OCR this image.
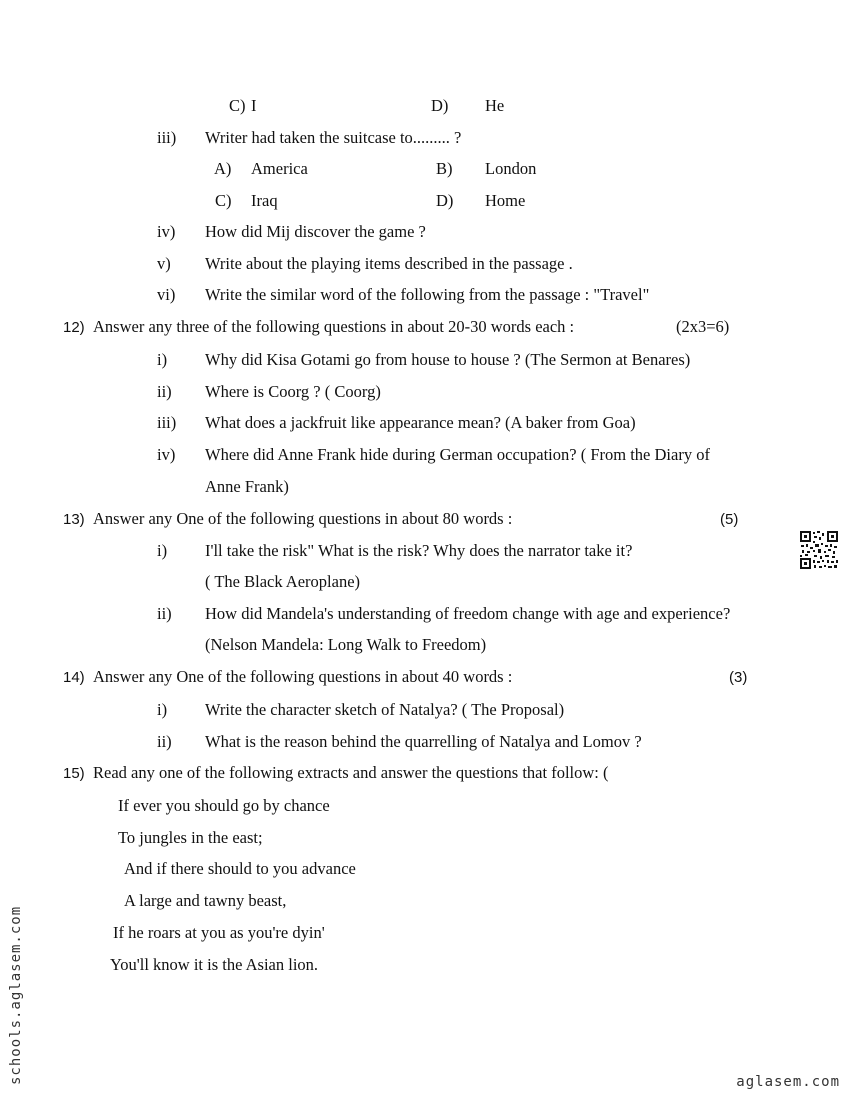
C) I	D) He
iii) Writer had taken the suitcase to......... ?
A) America	B) London
C) Iraq	D) Home
iv) How did Mij discover the game ?
v) Write about the playing items described in the passage .
vi) Write the similar word of the following from the passage : "Travel"
12) Answer any three of the following questions in about 20-30 words each :	(2x3=6)
i) Why did Kisa Gotami go from house to house ? (The Sermon at Benares)
ii) Where is Coorg ? ( Coorg)
iii) What does a jackfruit like appearance mean? (A baker from Goa)
iv) Where did Anne Frank hide during German occupation? ( From the Diary of
Anne Frank)
13) Answer any One of the following questions in about 80 words :	(5)
i) I'll take the risk" What is the risk? Why does the narrator take it?
( The Black Aeroplane)
ii) How did Mandela's understanding of freedom change with age and experience?
(Nelson Mandela: Long Walk to Freedom)
14) Answer any One of the following questions in about 40 words :	(3)
i) Write the character sketch of Natalya? ( The Proposal)
ii) What is the reason behind the quarrelling of Natalya and Lomov ?
15) Read any one of the following extracts and answer the questions that follow: (
If ever you should go by chance
To jungles in the east;
And if there should to you advance
A large and tawny beast,
If he roars at you as you're dyin'
You'll know it is the Asian lion.
schools.aglasem.com	aglasem.com
